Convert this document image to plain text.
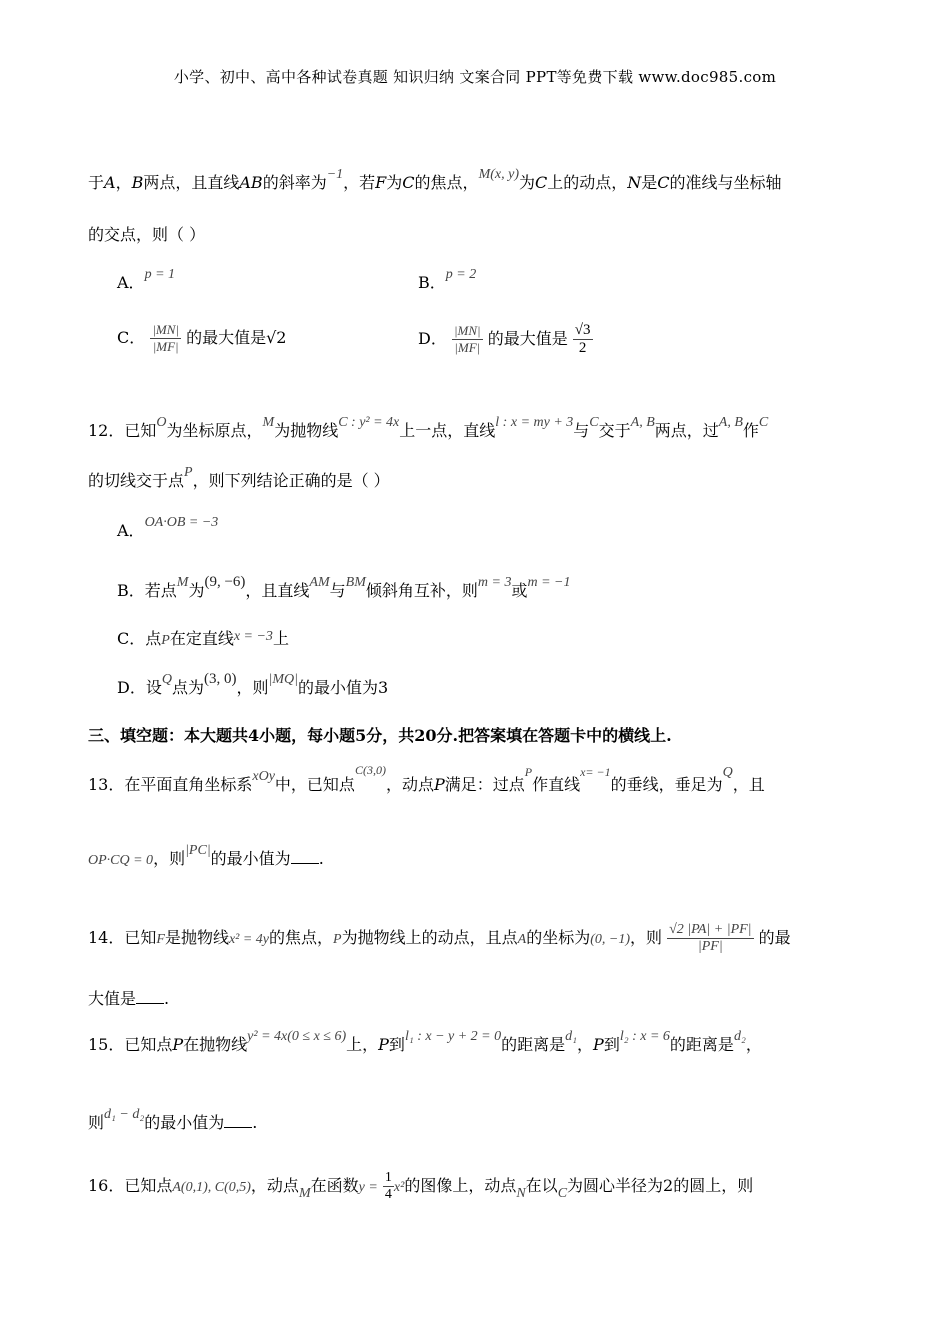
小学、初中、高中各种试卷真题 知识归纳 文案合同 PPT等免费下载 www.doc985.com
于A，B两点，且直线AB的斜率为−1，若F为C的焦点，M(x, y)为C上的动点，N是C的准线与坐标轴
的交点，则（ ）
A．p = 1	B．p = 2
C． $\frac{|MN|}{|MF|}$ 的最大值是√2	D． $\frac{|MN|}{|MF|}$ 的最大值是 $\frac{√3}{2}$
12．已知O为坐标原点，M为抛物线C : y² = 4x上一点，直线l : x = my + 3与C交于A, B两点，过A, B作C
的切线交于点P，则下列结论正确的是（ ）
A．OA·OB = −3
B．若点M为(9, −6)，且直线AM与BM倾斜角互补，则m = 3或m = −1
C．点P在定直线x = −3上
D．设Q点为(3, 0)，则|MQ|的最小值为3
三、填空题：本大题共4小题，每小题5分，共20分.把答案填在答题卡中的横线上.
13．在平面直角坐标系xOy中，已知点$^{C(3,0)}$，动点P满足：过点$^P$作直线$^{x= -1}$的垂线，垂足为Q，且
OP·CQ = 0，则|PC|的最小值为 .
14．已知F是抛物线x² = 4y的焦点，P为抛物线上的动点，且点A的坐标为(0, −1)，则 $\frac{√2 |PA| + |PF|}{|PF|}$ 的最
大值是 .
15．已知点P在抛物线y² = 4x(0 ≤ x ≤ 6)上，P到l₁ : x − y + 2 = 0的距离是d₁，P到l₂ : x = 6的距离是d₂，
则d₁ − d₂的最小值为 .
16．已知点A(0,1), C(0,5)，动点M在函数$y = \frac{1}{4} x^2$的图像上，动点N在以C为圆心半径为2的圆上，则
